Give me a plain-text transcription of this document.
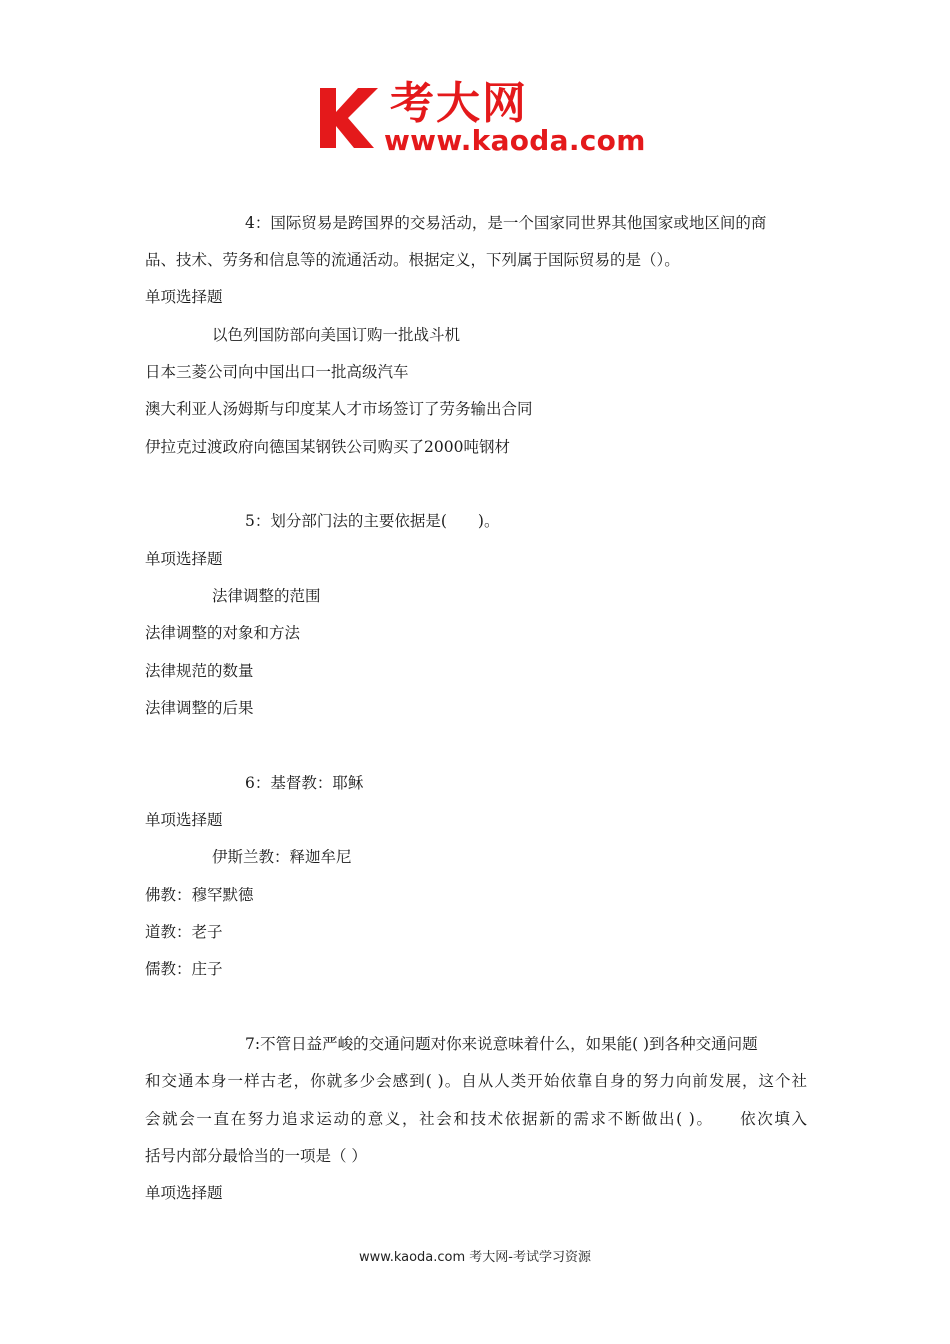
考大网
www.kaoda.com
4：国际贸易是跨国界的交易活动，是一个国家同世界其他国家或地区间的商
品、技术、劳务和信息等的流通活动。根据定义，下列属于国际贸易的是（）。
单项选择题
以色列国防部向美国订购一批战斗机
日本三菱公司向中国出口一批高级汽车
澳大利亚人汤姆斯与印度某人才市场签订了劳务输出合同
伊拉克过渡政府向德国某钢铁公司购买了2000吨钢材
5：划分部门法的主要依据是(　　)。
单项选择题
法律调整的范围
法律调整的对象和方法
法律规范的数量
法律调整的后果
6：基督教：耶稣
单项选择题
伊斯兰教：释迦牟尼
佛教：穆罕默德
道教：老子
儒教：庄子
7:不管日益严峻的交通问题对你来说意味着什么，如果能( )到各种交通问题
和交通本身一样古老，你就多少会感到( )。自从人类开始依靠自身的努力向前发展，这个社
会就会一直在努力追求运动的意义，社会和技术依据新的需求不断做出( )。　　依次填入
括号内部分最恰当的一项是（ ）
单项选择题
www.kaoda.com 考大网-考试学习资源
